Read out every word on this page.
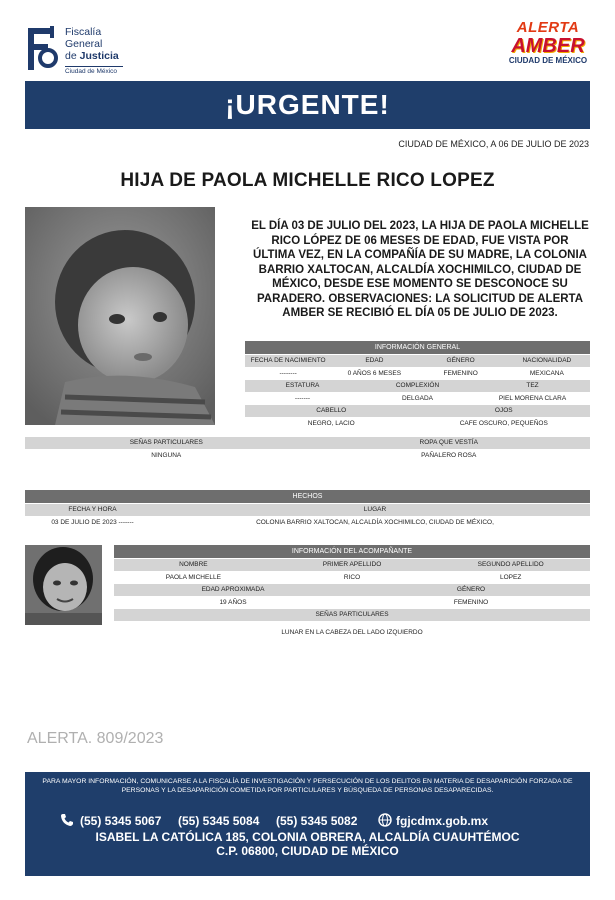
Fiscalía
General
de Justicia
Ciudad de México
ALERTA
AMBER
CIUDAD DE MÉXICO
¡URGENTE!
CIUDAD DE MÉXICO, A 06 DE JULIO DE 2023
HIJA DE PAOLA MICHELLE RICO LOPEZ
EL DÍA 03 DE JULIO DEL 2023, LA HIJA DE PAOLA MICHELLE RICO LÓPEZ DE 06 MESES DE EDAD, FUE VISTA POR ÚLTIMA VEZ, EN LA COMPAÑÍA DE SU MADRE, LA COLONIA BARRIO XALTOCAN, ALCALDÍA XOCHIMILCO, CIUDAD DE MÉXICO, DESDE ESE MOMENTO SE DESCONOCE SU PARADERO. OBSERVACIONES: LA SOLICITUD DE ALERTA AMBER SE RECIBIÓ EL DÍA 05 DE JULIO DE 2023.
INFORMACIÓN GENERAL
FECHA DE NACIMIENTO	EDAD	GÉNERO	NACIONALIDAD
--------	0 AÑOS 6 MESES	FEMENINO	MEXICANA
ESTATURA	COMPLEXIÓN	TEZ
-------	DELGADA	PIEL MORENA CLARA
CABELLO	OJOS
NEGRO, LACIO	CAFE OSCURO, PEQUEÑOS
SEÑAS PARTICULARES	ROPA QUE VESTÍA
NINGUNA	PAÑALERO ROSA
HECHOS
FECHA Y HORA	LUGAR
03 DE JULIO DE 2023 -------	COLONIA BARRIO XALTOCAN, ALCALDÍA XOCHIMILCO, CIUDAD DE MÉXICO,
INFORMACIÓN DEL ACOMPAÑANTE
NOMBRE	PRIMER APELLIDO	SEGUNDO APELLIDO
PAOLA MICHELLE	RICO	LOPEZ
EDAD APROXIMADA	GÉNERO
19 AÑOS	FEMENINO
SEÑAS PARTICULARES
LUNAR EN LA CABEZA DEL LADO IZQUIERDO
ALERTA. 809/2023
PARA MAYOR INFORMACIÓN, COMUNICARSE A LA FISCALÍA DE INVESTIGACIÓN Y PERSECUCIÓN DE LOS DELITOS EN MATERIA DE DESAPARICIÓN FORZADA DE PERSONAS Y LA DESAPARICIÓN COMETIDA POR PARTICULARES Y BÚSQUEDA DE PERSONAS DESAPARECIDAS.
(55) 5345 5067 (55) 5345 5084 (55) 5345 5082	fgjcdmx.gob.mx
ISABEL LA CATÓLICA 185, COLONIA OBRERA, ALCALDÍA CUAUHTÉMOC
C.P. 06800, CIUDAD DE MÉXICO
